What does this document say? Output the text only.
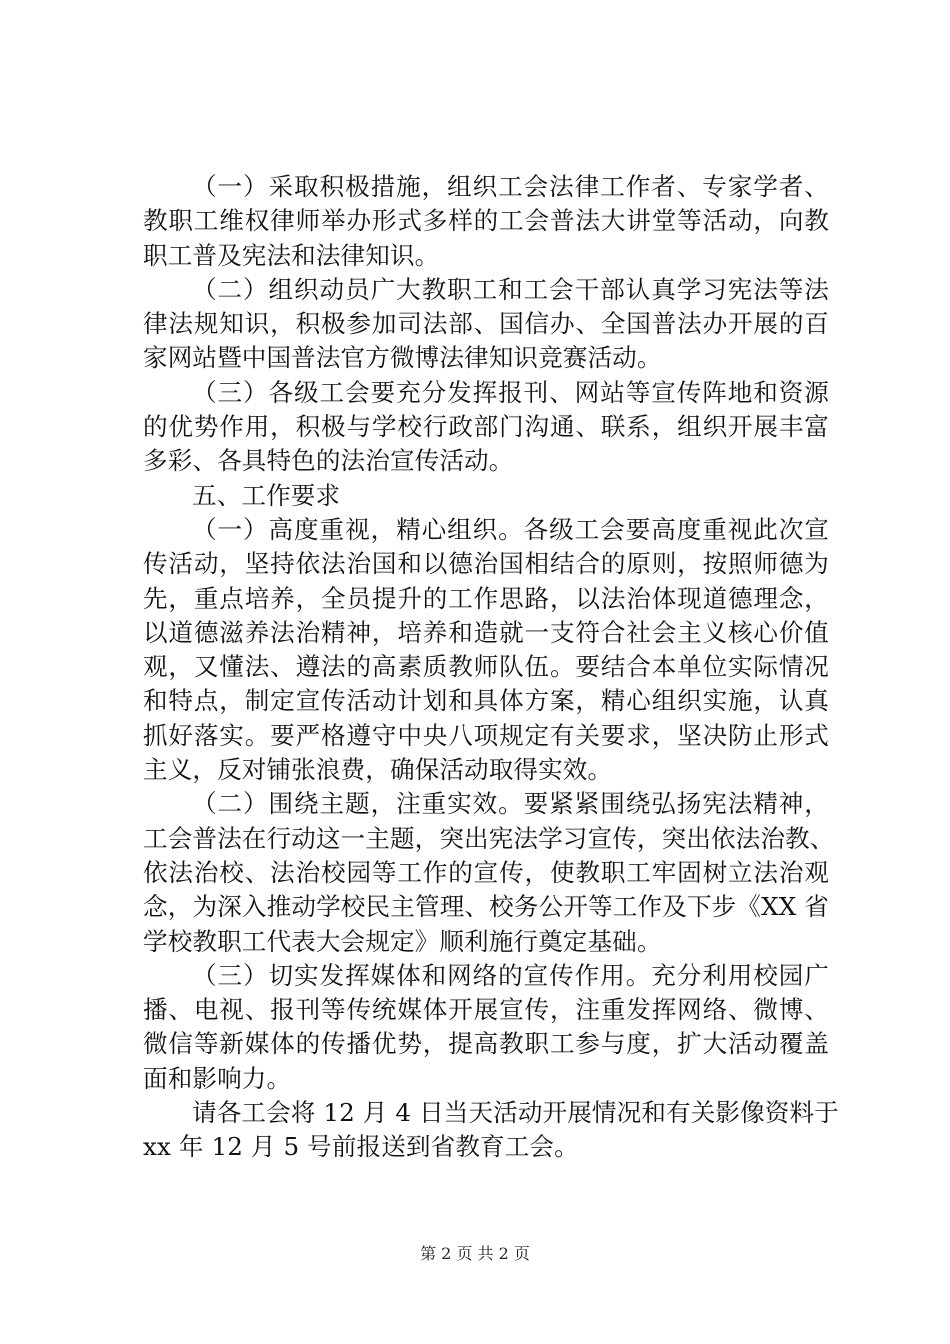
（一）采取积极措施，组织工会法律工作者、专家学者、
教职工维权律师举办形式多样的工会普法大讲堂等活动，向教
职工普及宪法和法律知识。
（二）组织动员广大教职工和工会干部认真学习宪法等法
律法规知识，积极参加司法部、国信办、全国普法办开展的百
家网站暨中国普法官方微博法律知识竞赛活动。
（三）各级工会要充分发挥报刊、网站等宣传阵地和资源
的优势作用，积极与学校行政部门沟通、联系，组织开展丰富
多彩、各具特色的法治宣传活动。
五、工作要求
（一）高度重视，精心组织。各级工会要高度重视此次宣
传活动，坚持依法治国和以德治国相结合的原则，按照师德为
先，重点培养，全员提升的工作思路，以法治体现道德理念，
以道德滋养法治精神，培养和造就一支符合社会主义核心价值
观，又懂法、遵法的高素质教师队伍。要结合本单位实际情况
和特点，制定宣传活动计划和具体方案，精心组织实施，认真
抓好落实。要严格遵守中央八项规定有关要求，坚决防止形式
主义，反对铺张浪费，确保活动取得实效。
（二）围绕主题，注重实效。要紧紧围绕弘扬宪法精神，
工会普法在行动这一主题，突出宪法学习宣传，突出依法治教、
依法治校、法治校园等工作的宣传，使教职工牢固树立法治观
念，为深入推动学校民主管理、校务公开等工作及下步《XX 省
学校教职工代表大会规定》顺利施行奠定基础。
（三）切实发挥媒体和网络的宣传作用。充分利用校园广
播、电视、报刊等传统媒体开展宣传，注重发挥网络、微博、
微信等新媒体的传播优势，提高教职工参与度，扩大活动覆盖
面和影响力。
请各工会将 12 月 4 日当天活动开展情况和有关影像资料于
xx 年 12 月 5 号前报送到省教育工会。
第 2 页 共 2 页
